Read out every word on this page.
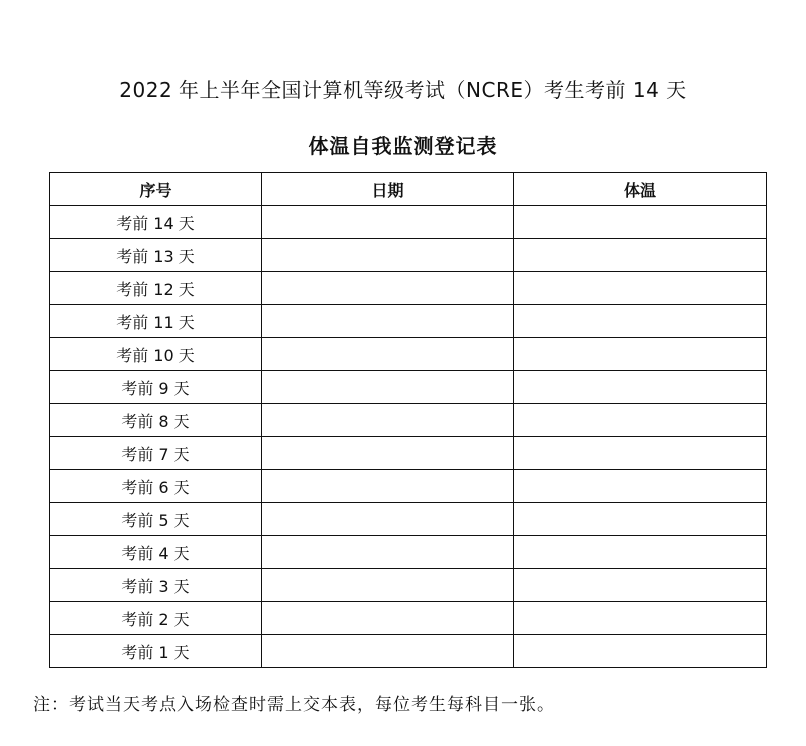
2022 年上半年全国计算机等级考试（NCRE）考生考前 14 天
体温自我监测登记表
序号	日期	体温
考前 14 天		
考前 13 天		
考前 12 天		
考前 11 天		
考前 10 天		
考前 9 天		
考前 8 天		
考前 7 天		
考前 6 天		
考前 5 天		
考前 4 天		
考前 3 天		
考前 2 天		
考前 1 天		
注：考试当天考点入场检查时需上交本表，每位考生每科目一张。
